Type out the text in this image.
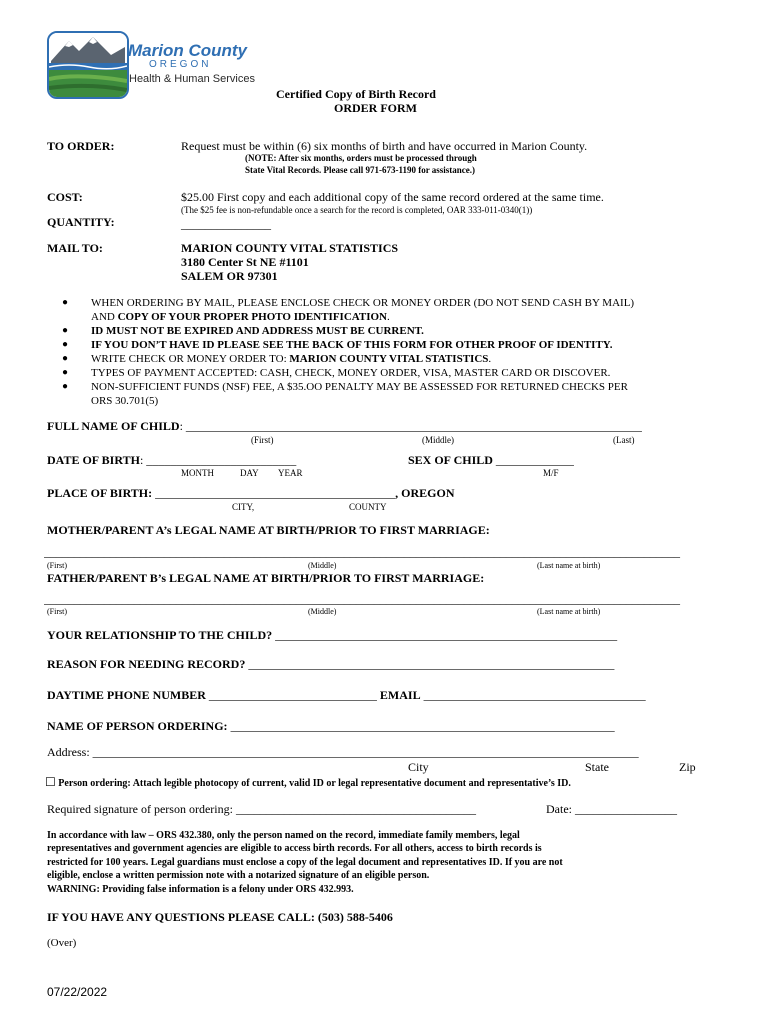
Marion County
OREGON
Health & Human Services
Certified Copy of Birth Record
ORDER FORM
TO ORDER:	Request must be within (6) six months of birth and have occurred in Marion County.
(NOTE: After six months, orders must be processed through
State Vital Records. Please call 971-673-1190 for assistance.)
COST:	$25.00 First copy and each additional copy of the same record ordered at the same time.
(The $25 fee is non-refundable once a search for the record is completed, OAR 333-011-0340(1))
QUANTITY:	_______________
MAIL TO:	MARION COUNTY VITAL STATISTICS
3180 Center St NE #1101
SALEM OR 97301
● WHEN ORDERING BY MAIL, PLEASE ENCLOSE CHECK OR MONEY ORDER (DO NOT SEND CASH BY MAIL)
AND COPY OF YOUR PROPER PHOTO IDENTIFICATION.
● ID MUST NOT BE EXPIRED AND ADDRESS MUST BE CURRENT.
● IF YOU DON’T HAVE ID PLEASE SEE THE BACK OF THIS FORM FOR OTHER PROOF OF IDENTITY.
● WRITE CHECK OR MONEY ORDER TO: MARION COUNTY VITAL STATISTICS.
● TYPES OF PAYMENT ACCEPTED: CASH, CHECK, MONEY ORDER, VISA, MASTER CARD OR DISCOVER.
● NON-SUFFICIENT FUNDS (NSF) FEE, A $35.OO PENALTY MAY BE ASSESSED FOR RETURNED CHECKS PER
ORS 30.701(5)
FULL NAME OF CHILD: ____________________________________________________________________________
(First)	(Middle)	(Last)
DATE OF BIRTH: _________________________
MONTH	DAY YEAR
SEX OF CHILD _____________
M/F
PLACE OF BIRTH: ________________________________________, OREGON
CITY,	COUNTY
MOTHER/PARENT A’s LEGAL NAME AT BIRTH/PRIOR TO FIRST MARRIAGE:
__________________________________________________________________________________________________________
(First)	(Middle)	(Last name at birth)
FATHER/PARENT B’s LEGAL NAME AT BIRTH/PRIOR TO FIRST MARRIAGE:
__________________________________________________________________________________________________________
(First)	(Middle)	(Last name at birth)
YOUR RELATIONSHIP TO THE CHILD? _________________________________________________________
REASON FOR NEEDING RECORD? _____________________________________________________________
DAYTIME PHONE NUMBER ____________________________ EMAIL _____________________________________
NAME OF PERSON ORDERING: ________________________________________________________________
Address: ___________________________________________________________________________________________
City	State	Zip
☐ Person ordering: Attach legible photocopy of current, valid ID or legal representative document and representative’s ID.
Required signature of person ordering: ________________________________________	Date: _________________
In accordance with law – ORS 432.380, only the person named on the record, immediate family members, legal
representatives and government agencies are eligible to access birth records. For all others, access to birth records is
restricted for 100 years. Legal guardians must enclose a copy of the legal document and representatives ID. If you are not
eligible, enclose a written permission note with a notarized signature of an eligible person.
WARNING: Providing false information is a felony under ORS 432.993.
IF YOU HAVE ANY QUESTIONS PLEASE CALL: (503) 588-5406
(Over)
07/22/2022
